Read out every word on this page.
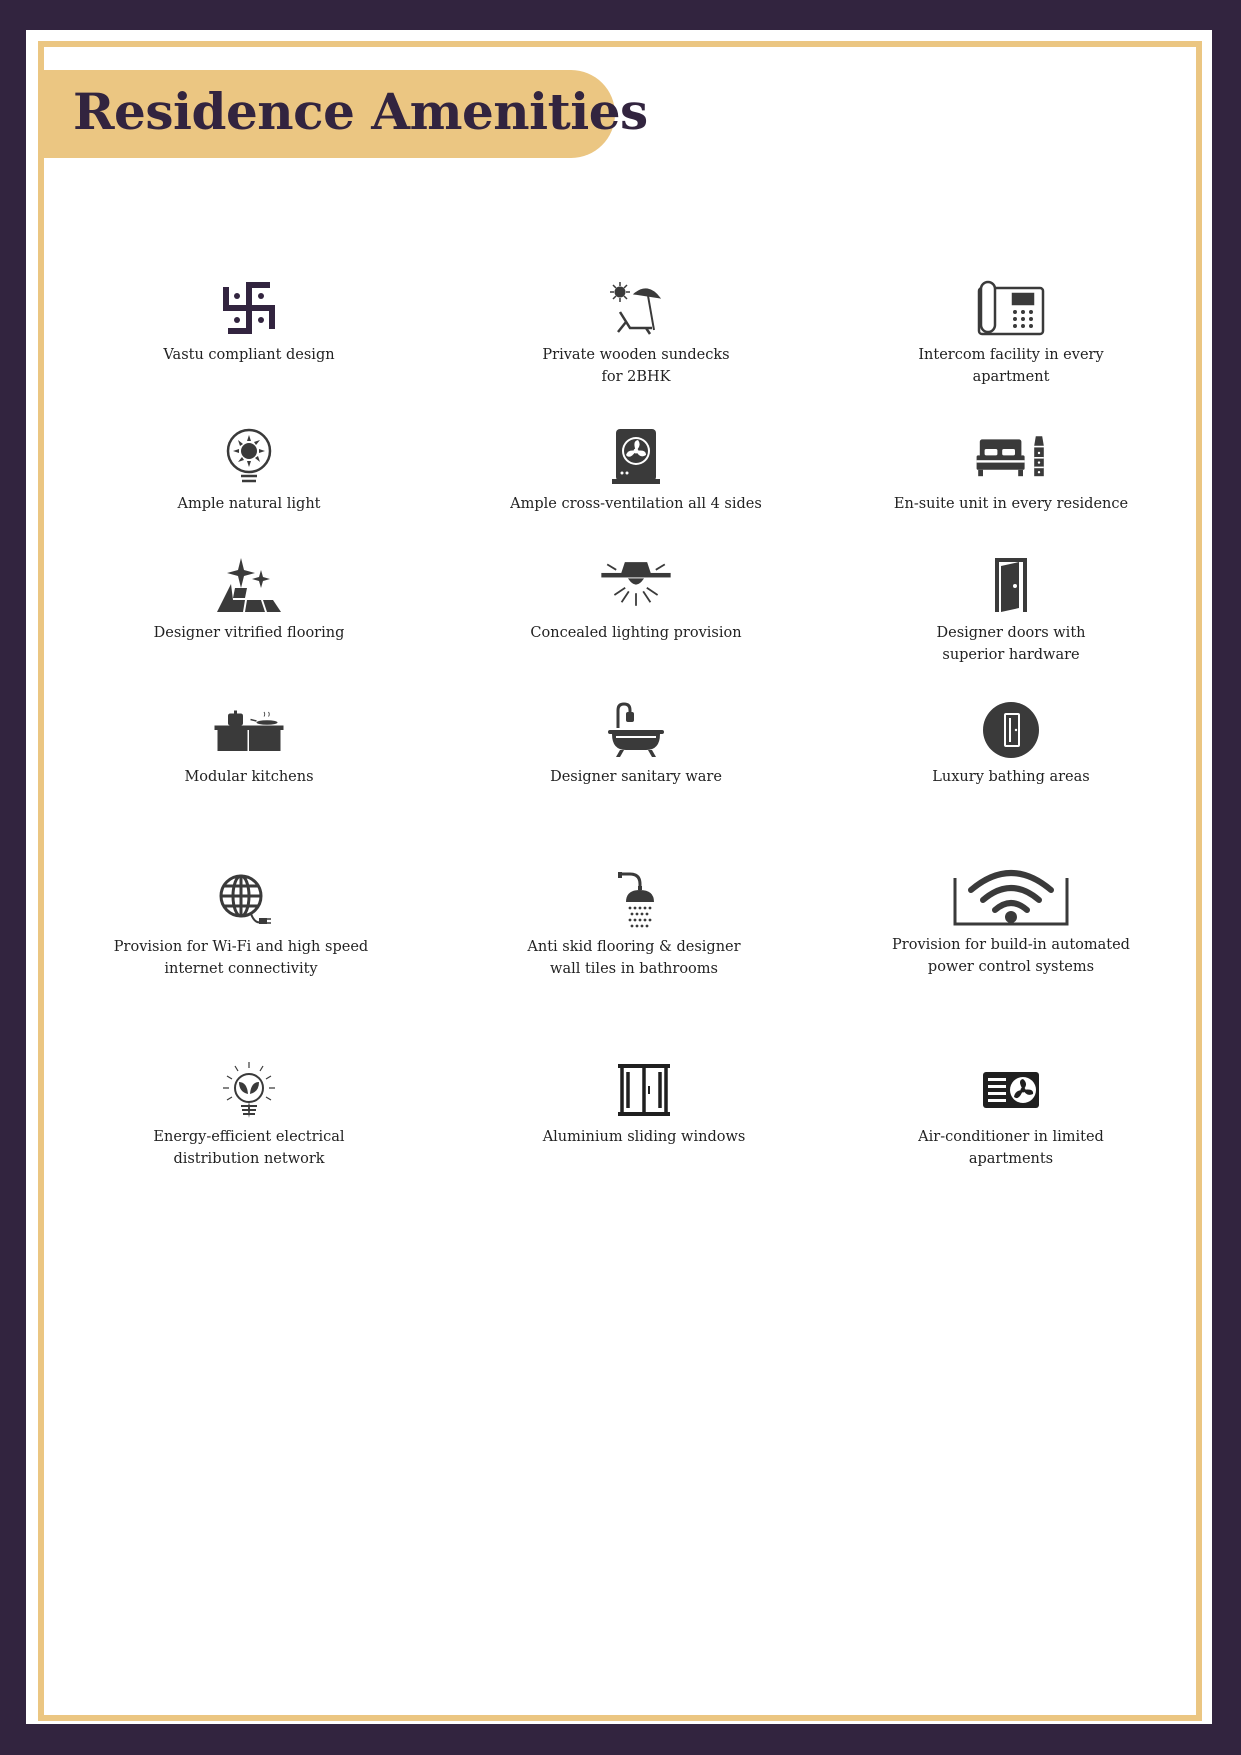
Residence Amenities
Vastu compliant design	Private wooden sundecks
for 2BHK
Intercom facility in every
apartment
Ample natural light	Ample cross-ventilation all 4 sides	En-suite unit in every residence
Designer vitrified flooring	Concealed lighting provision	Designer doors with
superior hardware
Modular kitchens	Designer sanitary ware	Luxury bathing areas
Provision for Wi-Fi and high speed
internet connectivity
Anti skid flooring & designer
wall tiles in bathrooms
Provision for build-in automated
power control systems
Energy-efficient electrical
distribution network
Aluminium sliding windows	Air-conditioner in limited
apartments
